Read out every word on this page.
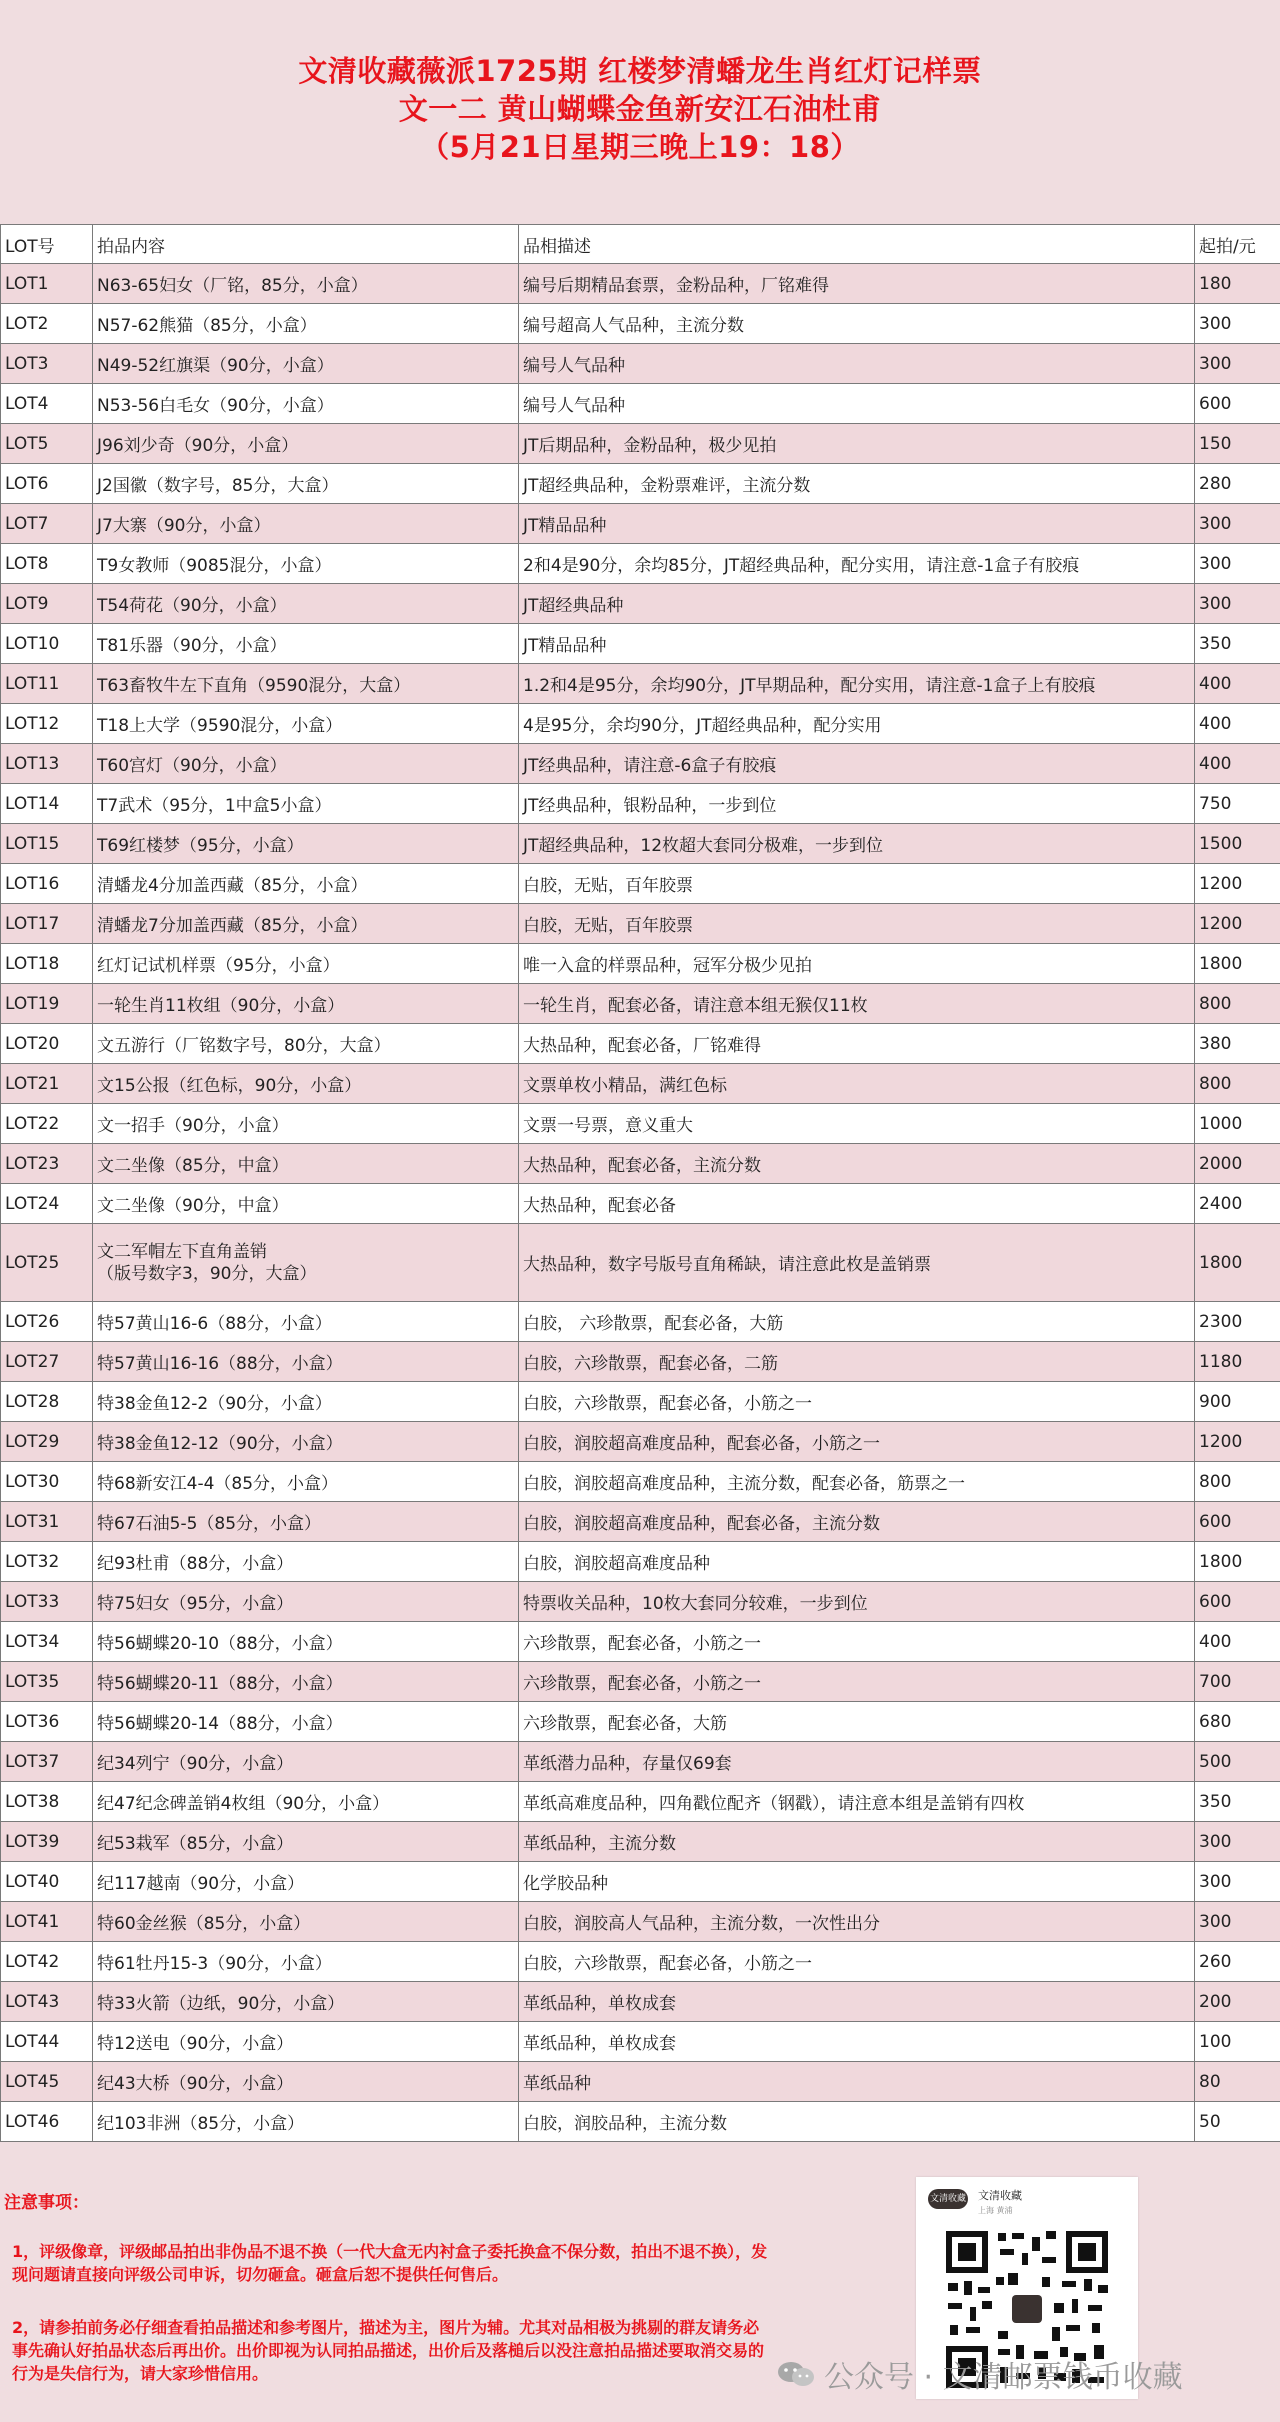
文清收藏薇派1725期 红楼梦清蟠龙生肖红灯记样票
文一二 黄山蝴蝶金鱼新安江石油杜甫
（5月21日星期三晚上19：18）
LOT号	拍品内容	品相描述	起拍/元
LOT1	N63-65妇女（厂铭，85分，小盒）	编号后期精品套票，金粉品种，厂铭难得	180
LOT2	N57-62熊猫（85分，小盒）	编号超高人气品种，主流分数	300
LOT3	N49-52红旗渠（90分，小盒）	编号人气品种	300
LOT4	N53-56白毛女（90分，小盒）	编号人气品种	600
LOT5	J96刘少奇（90分，小盒）	JT后期品种，金粉品种，极少见拍	150
LOT6	J2国徽（数字号，85分，大盒）	JT超经典品种，金粉票难评，主流分数	280
LOT7	J7大寨（90分，小盒）	JT精品品种	300
LOT8	T9女教师（9085混分，小盒）	2和4是90分，余均85分，JT超经典品种，配分实用，请注意-1盒子有胶痕	300
LOT9	T54荷花（90分，小盒）	JT超经典品种	300
LOT10	T81乐器（90分，小盒）	JT精品品种	350
LOT11	T63畜牧牛左下直角（9590混分，大盒）	1.2和4是95分，余均90分，JT早期品种，配分实用，请注意-1盒子上有胶痕	400
LOT12	T18上大学（9590混分，小盒）	4是95分，余均90分，JT超经典品种，配分实用	400
LOT13	T60宫灯（90分，小盒）	JT经典品种，请注意-6盒子有胶痕	400
LOT14	T7武术（95分，1中盒5小盒）	JT经典品种，银粉品种，一步到位	750
LOT15	T69红楼梦（95分，小盒）	JT超经典品种，12枚超大套同分极难，一步到位	1500
LOT16	清蟠龙4分加盖西藏（85分，小盒）	白胶，无贴，百年胶票	1200
LOT17	清蟠龙7分加盖西藏（85分，小盒）	白胶，无贴，百年胶票	1200
LOT18	红灯记试机样票（95分，小盒）	唯一入盒的样票品种，冠军分极少见拍	1800
LOT19	一轮生肖11枚组（90分，小盒）	一轮生肖，配套必备，请注意本组无猴仅11枚	800
LOT20	文五游行（厂铭数字号，80分，大盒）	大热品种，配套必备，厂铭难得	380
LOT21	文15公报（红色标，90分，小盒）	文票单枚小精品，满红色标	800
LOT22	文一招手（90分，小盒）	文票一号票，意义重大	1000
LOT23	文二坐像（85分，中盒）	大热品种，配套必备，主流分数	2000
LOT24	文二坐像（90分，中盒）	大热品种，配套必备	2400
LOT25	文二军帽左下直角盖销
（版号数字3，90分，大盒）	大热品种，数字号版号直角稀缺，请注意此枚是盖销票	1800
LOT26	特57黄山16-6（88分，小盒）	白胶， 六珍散票，配套必备，大筋	2300
LOT27	特57黄山16-16（88分，小盒）	白胶，六珍散票，配套必备，二筋	1180
LOT28	特38金鱼12-2（90分，小盒）	白胶，六珍散票，配套必备，小筋之一	900
LOT29	特38金鱼12-12（90分，小盒）	白胶，润胶超高难度品种，配套必备，小筋之一	1200
LOT30	特68新安江4-4（85分，小盒）	白胶，润胶超高难度品种，主流分数，配套必备，筋票之一	800
LOT31	特67石油5-5（85分，小盒）	白胶，润胶超高难度品种，配套必备，主流分数	600
LOT32	纪93杜甫（88分，小盒）	白胶，润胶超高难度品种	1800
LOT33	特75妇女（95分，小盒）	特票收关品种，10枚大套同分较难，一步到位	600
LOT34	特56蝴蝶20-10（88分，小盒）	六珍散票，配套必备，小筋之一	400
LOT35	特56蝴蝶20-11（88分，小盒）	六珍散票，配套必备，小筋之一	700
LOT36	特56蝴蝶20-14（88分，小盒）	六珍散票，配套必备，大筋	680
LOT37	纪34列宁（90分，小盒）	革纸潜力品种，存量仅69套	500
LOT38	纪47纪念碑盖销4枚组（90分，小盒）	革纸高难度品种，四角戳位配齐（钢戳），请注意本组是盖销有四枚	350
LOT39	纪53栽军（85分，小盒）	革纸品种，主流分数	300
LOT40	纪117越南（90分，小盒）	化学胶品种	300
LOT41	特60金丝猴（85分，小盒）	白胶，润胶高人气品种，主流分数，一次性出分	300
LOT42	特61牡丹15-3（90分，小盒）	白胶，六珍散票，配套必备，小筋之一	260
LOT43	特33火箭（边纸，90分，小盒）	革纸品种，单枚成套	200
LOT44	特12送电（90分，小盒）	革纸品种，单枚成套	100
LOT45	纪43大桥（90分，小盒）	革纸品种	80
LOT46	纪103非洲（85分，小盒）	白胶，润胶品种，主流分数	50
注意事项：
1，评级像章，评级邮品拍出非伪品不退不换（一代大盒无内衬盒子委托换盒不保分数，拍出不退不换），发现问题请直接向评级公司申诉，切勿砸盒。砸盒后恕不提供任何售后。
2，请参拍前务必仔细查看拍品描述和参考图片，描述为主，图片为辅。尤其对品相极为挑剔的群友请务必事先确认好拍品状态后再出价。出价即视为认同拍品描述，出价后及落槌后以没注意拍品描述要取消交易的行为是失信行为，请大家珍惜信用。
文清收藏 文清收藏
上海 黄浦
公众号 · 文清邮票钱币收藏
